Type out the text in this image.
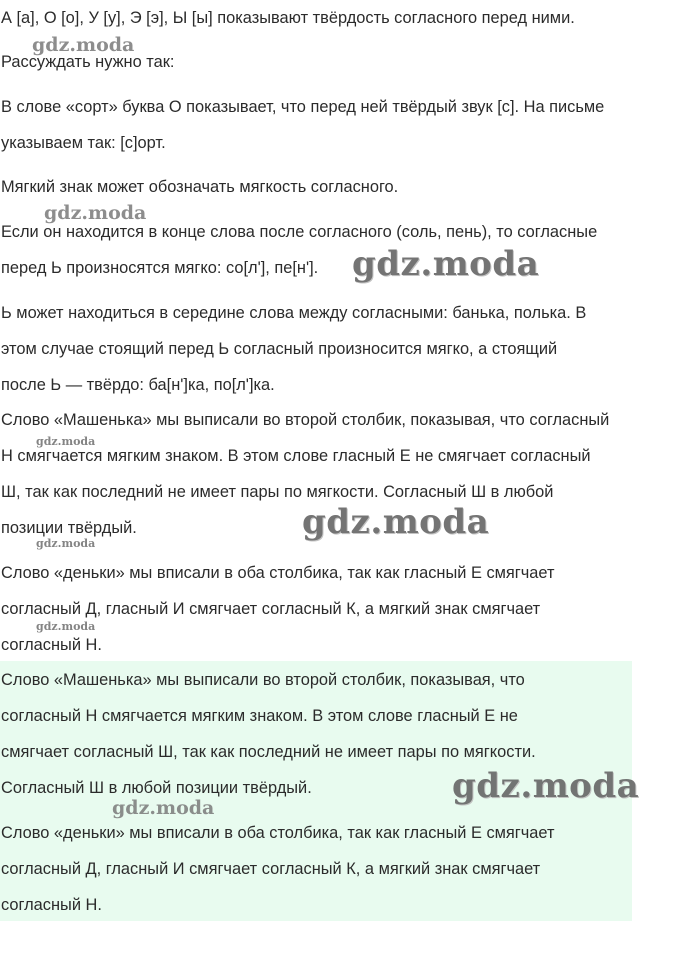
А [а], О [о], У [у], Э [э], Ы [ы] показывают твёрдость согласного перед ними.
Рассуждать нужно так:
В слове «сорт» буква О показывает, что перед ней твёрдый звук [с]. На письме
указываем так: [с]орт.
Мягкий знак может обозначать мягкость согласного.
Если он находится в конце слова после согласного (соль, пень), то согласные
перед Ь произносятся мягко: со[л'], пе[н'].
Ь может находиться в середине слова между согласными: банька, полька. В
этом случае стоящий перед Ь согласный произносится мягко, а стоящий
после Ь — твёрдо: ба[н']ка, по[л']ка.
Слово «Машенька» мы выписали во второй столбик, показывая, что согласный
Н смягчается мягким знаком. В этом слове гласный Е не смягчает согласный
Ш, так как последний не имеет пары по мягкости. Согласный Ш в любой
позиции твёрдый.
Слово «деньки» мы вписали в оба столбика, так как гласный Е смягчает
согласный Д, гласный И смягчает согласный К, а мягкий знак смягчает
согласный Н.
Слово «Машенька» мы выписали во второй столбик, показывая, что
согласный Н смягчается мягким знаком. В этом слове гласный Е не
смягчает согласный Ш, так как последний не имеет пары по мягкости.
Согласный Ш в любой позиции твёрдый.
Слово «деньки» мы вписали в оба столбика, так как гласный Е смягчает
согласный Д, гласный И смягчает согласный К, а мягкий знак смягчает
согласный Н.
gdz.moda
gdz.moda
gdz.moda
gdz.moda
gdz.moda
gdz.moda
gdz.moda
gdz.moda
gdz.moda
